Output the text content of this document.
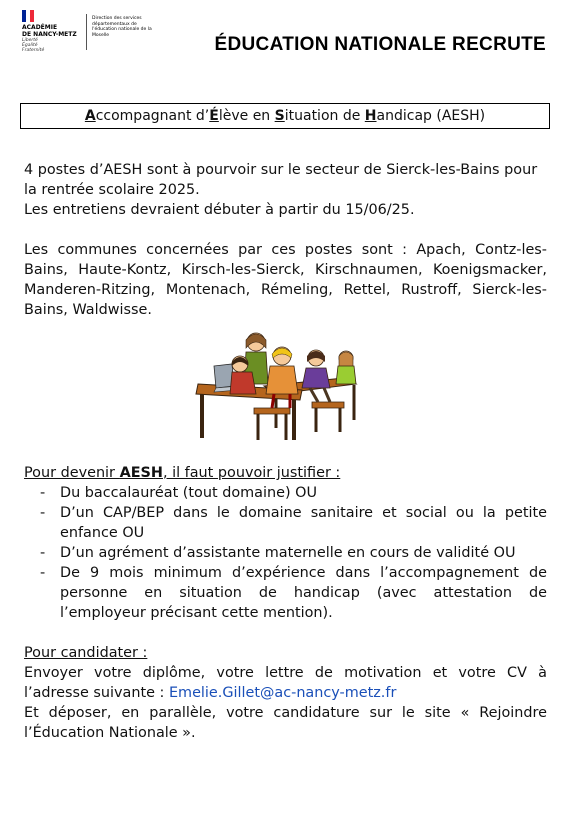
ACADÉMIE
DE NANCY-METZ
Liberté
Égalité
Fraternité
Direction des services départementaux de l'éducation nationale de la Moselle	ÉDUCATION NATIONALE RECRUTE
Accompagnant d’Élève en Situation de Handicap (AESH)

4 postes d’AESH sont à pourvoir sur le secteur de Sierck-les-Bains pour la rentrée scolaire 2025.

Les entretiens devraient débuter à partir du 15/06/25.

Les communes concernées par ces postes sont : Apach, Contz-les-Bains, Haute-Kontz, Kirsch-les-Sierck, Kirschnaumen, Koenigsmacker, Manderen-Ritzing, Montenach, Rémeling, Rettel, Rustroff, Sierck-les-Bains, Waldwisse.

Pour devenir AESH, il faut pouvoir justifier :

- Du baccalauréat (tout domaine) OU
- D’un CAP/BEP dans le domaine sanitaire et social ou la petite enfance OU
- D’un agrément d’assistante maternelle en cours de validité OU
- De 9 mois minimum d’expérience dans l’accompagnement de personne en situation de handicap (avec attestation de l’employeur précisant cette mention).

Pour candidater :

Envoyer votre diplôme, votre lettre de motivation et votre CV à l’adresse suivante : Emelie.Gillet@ac-nancy-metz.fr

Et déposer, en parallèle, votre candidature sur le site « Rejoindre l’Éducation Nationale ».
